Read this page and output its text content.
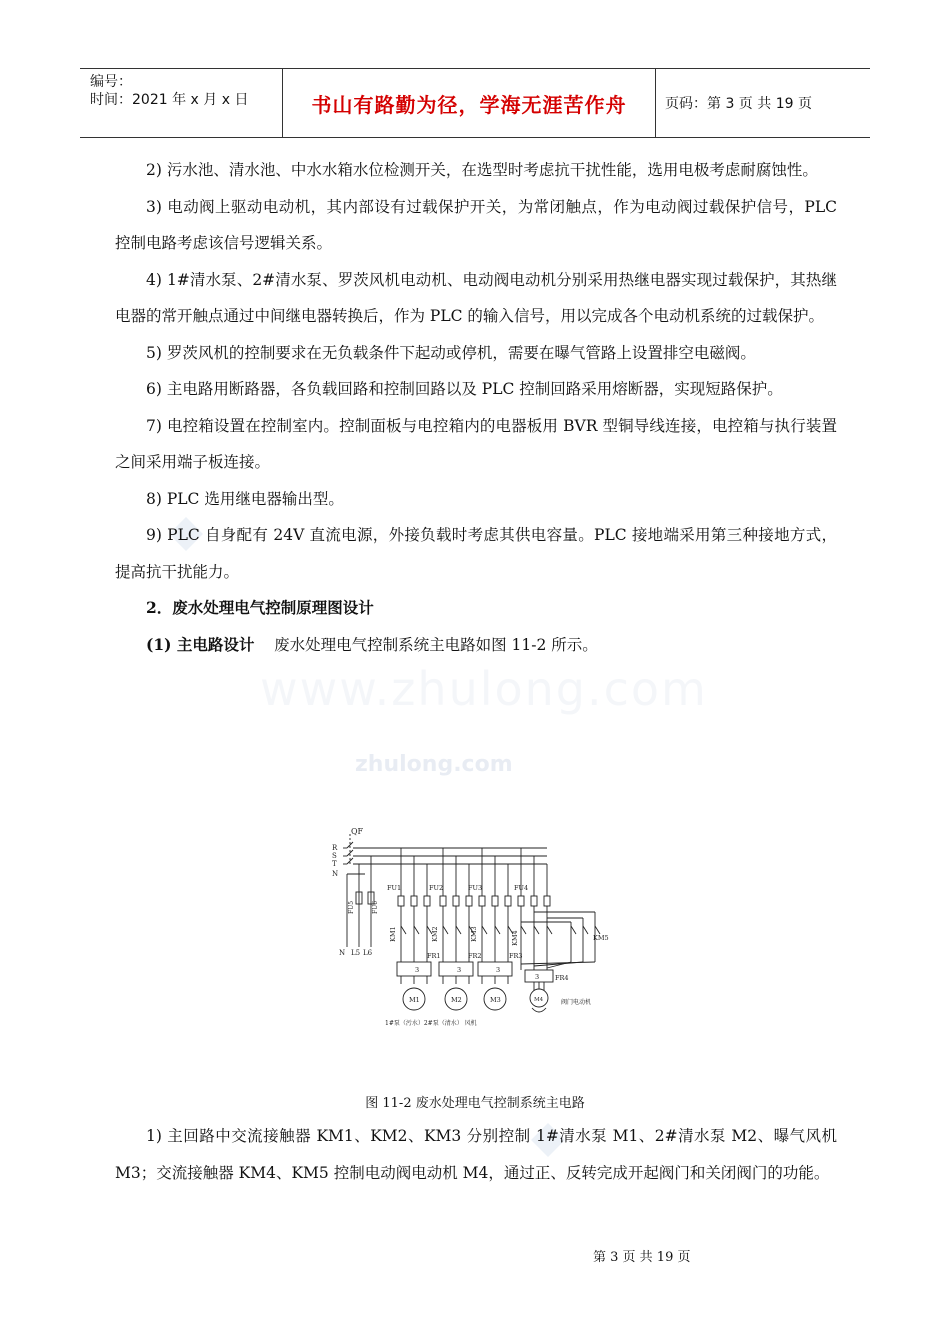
www.zhulong.com
zhulong.com
编号：
时间：2021 年 x 月 x 日	书山有路勤为径，学海无涯苦作舟	页码：第 3 页 共 19 页

2) 污水池、清水池、中水水箱水位检测开关，在选型时考虑抗干扰性能，选用电极考虑耐腐蚀性。

3) 电动阀上驱动电动机，其内部设有过载保护开关，为常闭触点，作为电动阀过载保护信号，PLC 控制电路考虑该信号逻辑关系。

4) 1#清水泵、2#清水泵、罗茨风机电动机、电动阀电动机分别采用热继电器实现过载保护，其热继电器的常开触点通过中间继电器转换后，作为 PLC 的输入信号，用以完成各个电动机系统的过载保护。

5) 罗茨风机的控制要求在无负载条件下起动或停机，需要在曝气管路上设置排空电磁阀。

6) 主电路用断路器，各负载回路和控制回路以及 PLC 控制回路采用熔断器，实现短路保护。

7) 电控箱设置在控制室内。控制面板与电控箱内的电器板用 BVR 型铜导线连接，电控箱与执行装置之间采用端子板连接。

8) PLC 选用继电器输出型。

9) PLC 自身配有 24V 直流电源，外接负载时考虑其供电容量。PLC 接地端采用第三种接地方式，提高抗干扰能力。

2．废水处理电气控制原理图设计

(1) 主电路设计 废水处理电气控制系统主电路如图 11-2 所示。

QF
R
S
T
N
FU5	FU6
N L5 L6
FU1	FU2	FU3	FU4
KM1	KM2	KM3	KM4	KM5
FR1	FR2	FR3
FR4
3	3	3
3
M1	M2	M3	M4
1#泵（污水）2#泵（清水） 风机
阀门电动机
图 11-2 废水处理电气控制系统主电路

1) 主回路中交流接触器 KM1、KM2、KM3 分别控制 1#清水泵 M1、2#清水泵 M2、曝气风机 M3；交流接触器 KM4、KM5 控制电动阀电动机 M4，通过正、反转完成开起阀门和关闭阀门的功能。

第 3 页 共 19 页
